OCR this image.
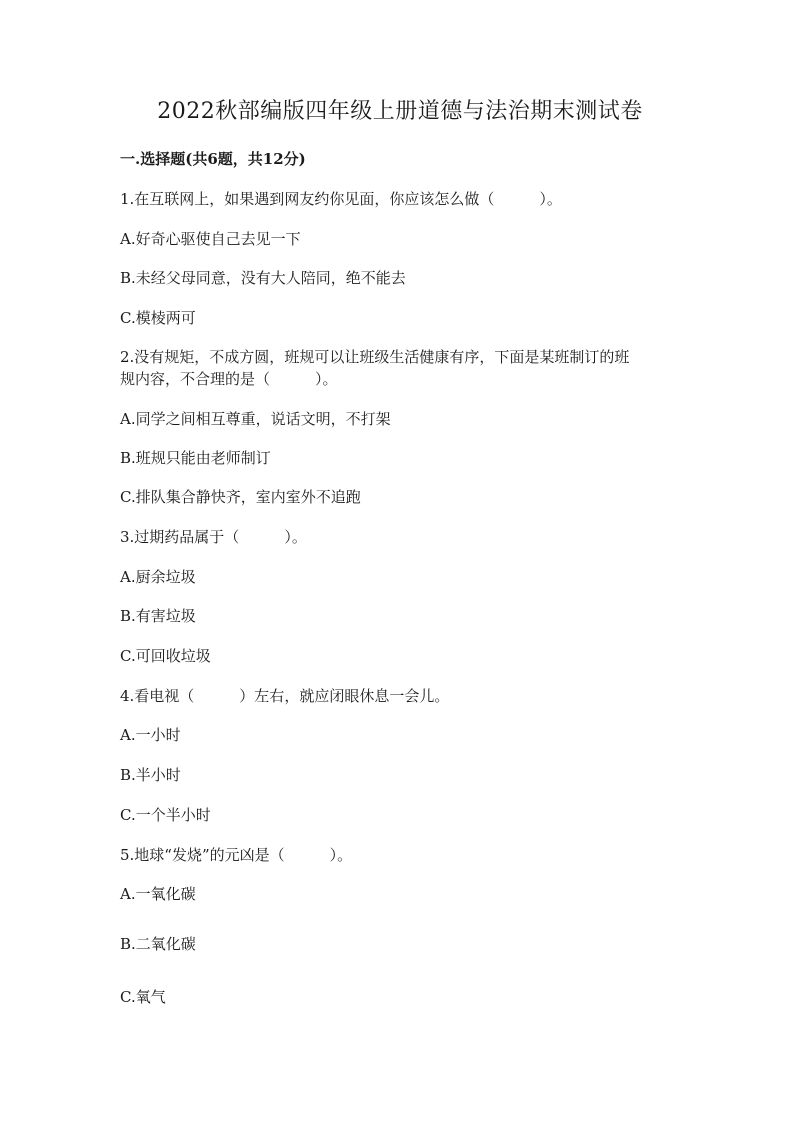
2022秋部编版四年级上册道德与法治期末测试卷
一.选择题(共6题，共12分)
1.在互联网上，如果遇到网友约你见面，你应该怎么做（　　　）。
A.好奇心驱使自己去见一下
B.未经父母同意，没有大人陪同，绝不能去
C.模棱两可
2.没有规矩，不成方圆，班规可以让班级生活健康有序，下面是某班制订的班
规内容，不合理的是（　　　）。
A.同学之间相互尊重，说话文明，不打架
B.班规只能由老师制订
C.排队集合静快齐，室内室外不追跑
3.过期药品属于（　　　）。
A.厨余垃圾
B.有害垃圾
C.可回收垃圾
4.看电视（　　　）左右，就应闭眼休息一会儿。
A.一小时
B.半小时
C.一个半小时
5.地球“发烧”的元凶是（　　　）。
A.一氧化碳
B.二氧化碳
C.氧气
